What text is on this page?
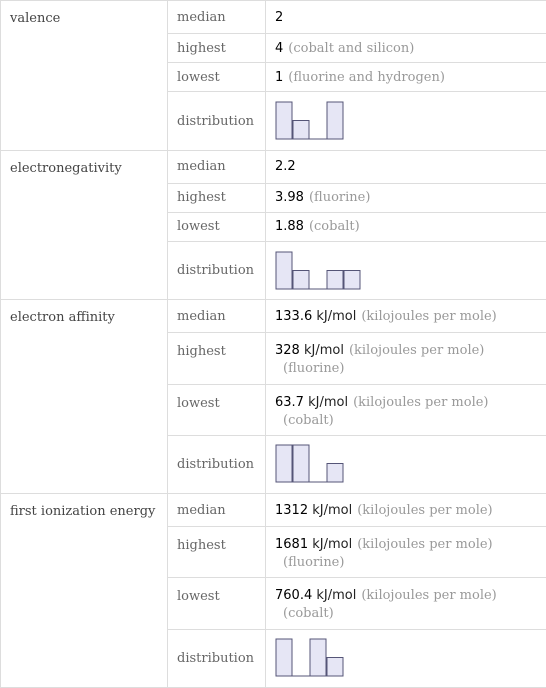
valence	median	2
	highest	4 (cobalt and silicon)
	lowest	1 (fluorine and hydrogen)
	distribution	

electronegativity	median	2.2
	highest	3.98 (fluorine)
	lowest	1.88 (cobalt)
	distribution	

electron affinity	median	133.6 kJ/mol (kilojoules per mole)
	highest	328 kJ/mol (kilojoules per mole)
(fluorine)

	lowest	63.7 kJ/mol (kilojoules per mole)
(cobalt)

	distribution	

first ionization energy	median	1312 kJ/mol (kilojoules per mole)
	highest	1681 kJ/mol (kilojoules per mole)
(fluorine)

	lowest	760.4 kJ/mol (kilojoules per mole)
(cobalt)

	distribution	
